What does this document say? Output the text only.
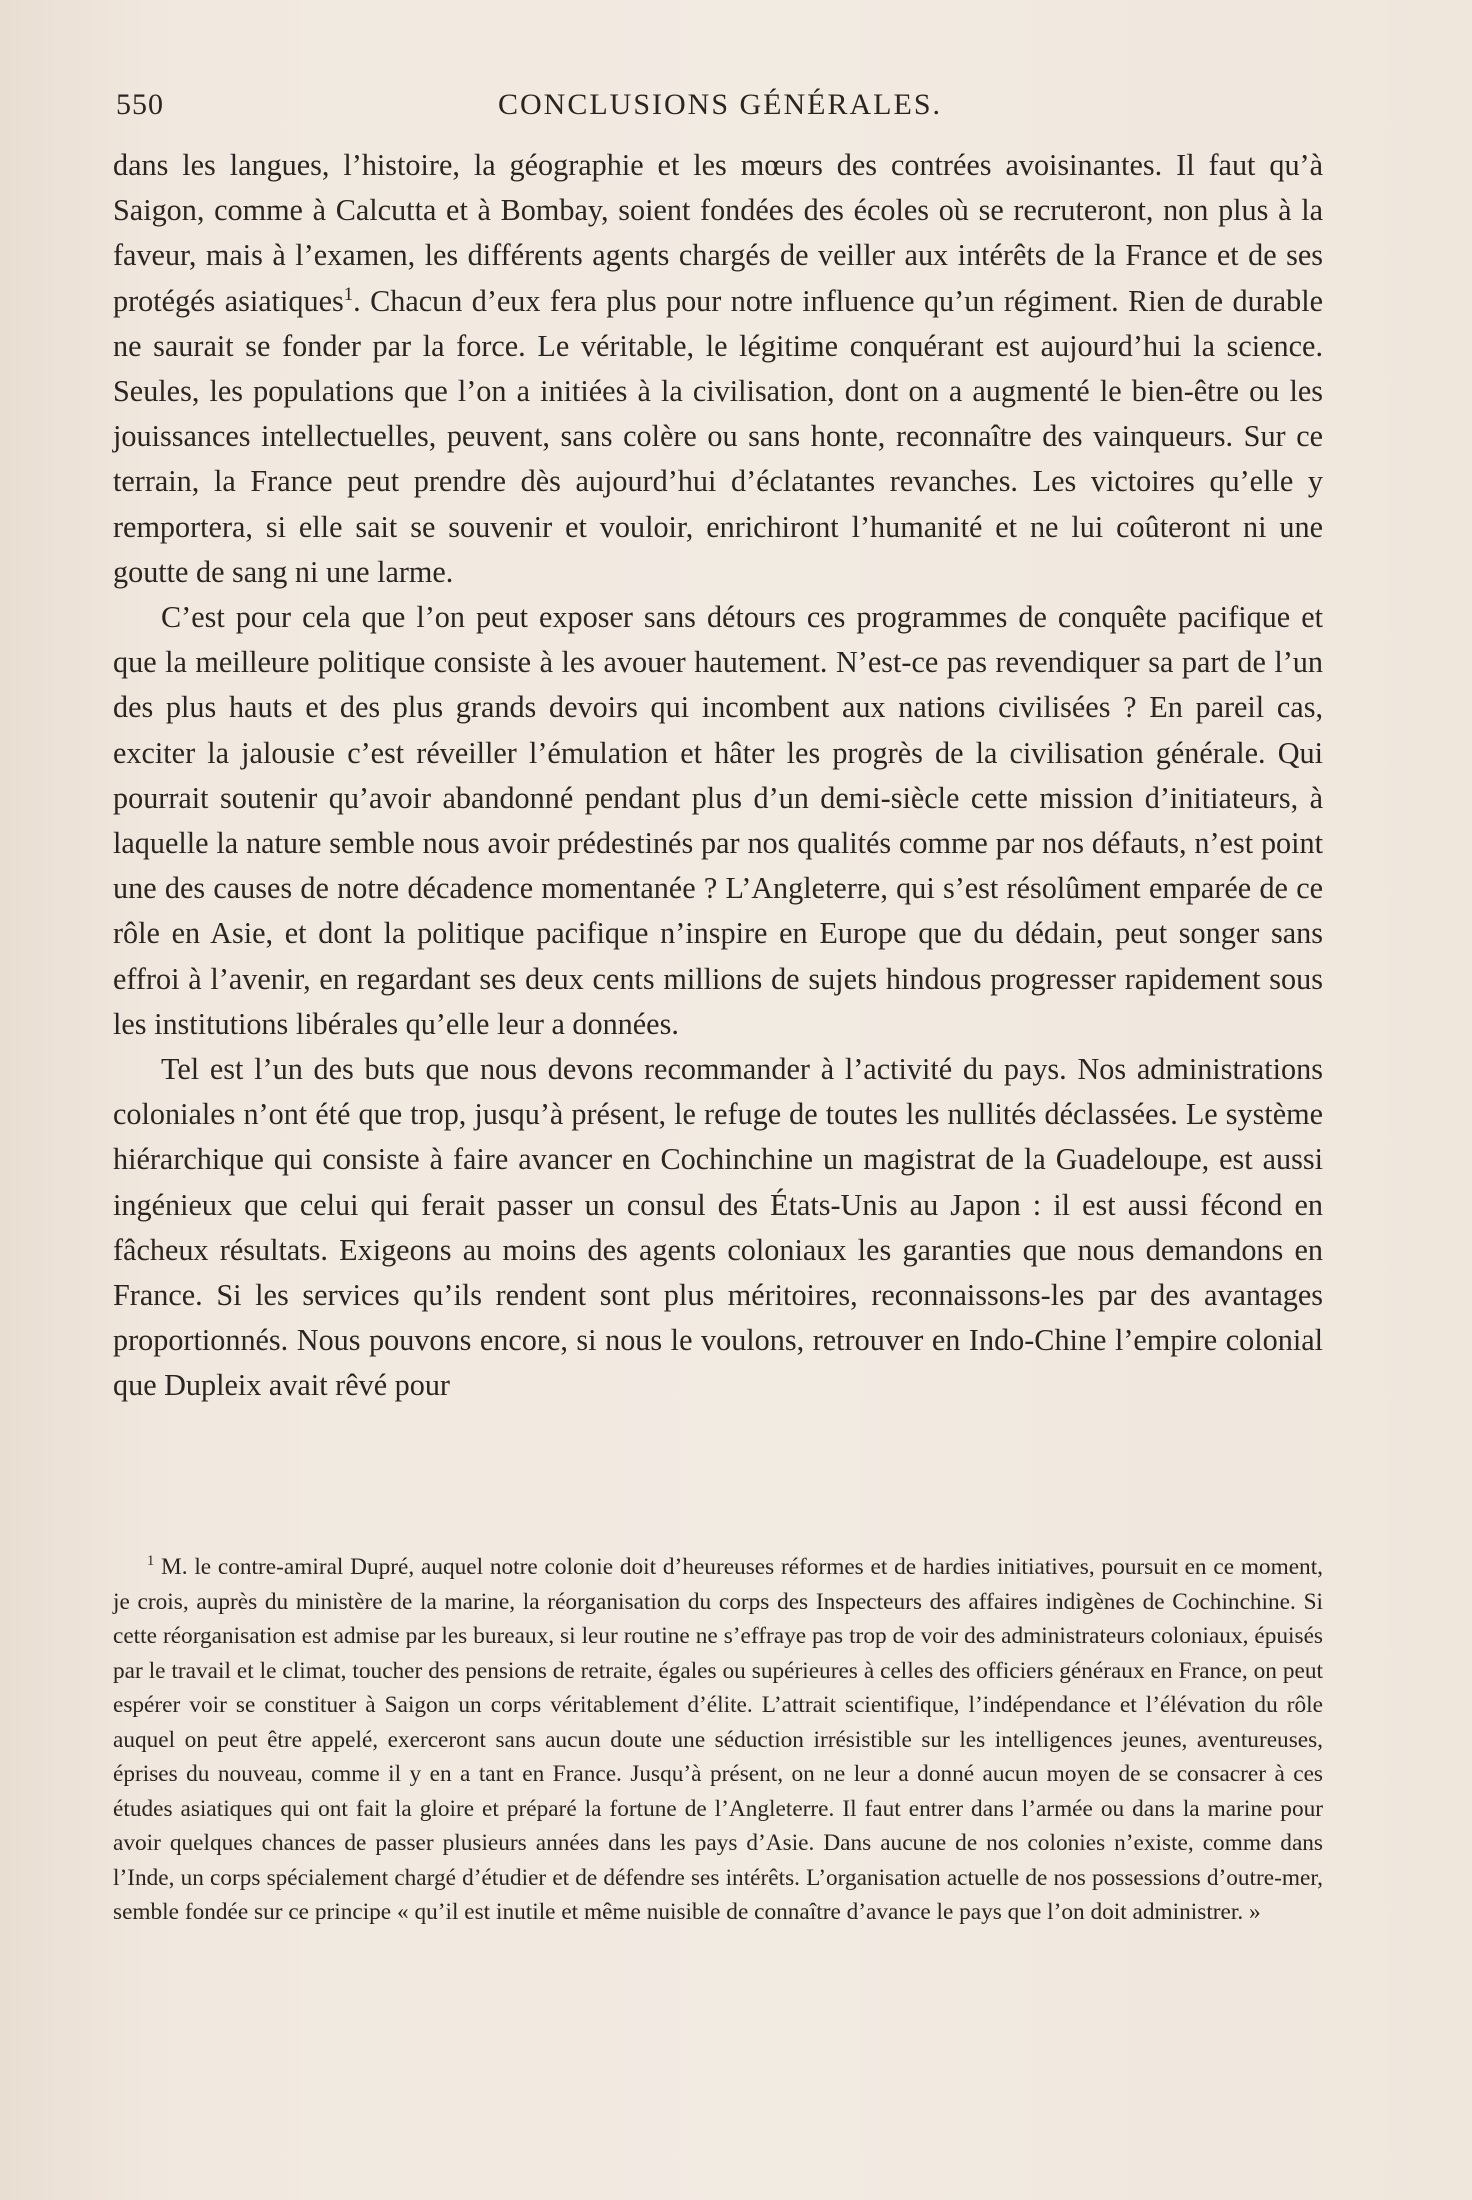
550	CONCLUSIONS GÉNÉRALES.

dans les langues, l’histoire, la géographie et les mœurs des contrées avoisinantes. Il faut qu’à Saigon, comme à Calcutta et à Bombay, soient fondées des écoles où se recruteront, non plus à la faveur, mais à l’examen, les différents agents chargés de veiller aux intérêts de la France et de ses protégés asiatiques$^1$. Chacun d’eux fera plus pour notre influence qu’un régiment. Rien de durable ne saurait se fonder par la force. Le véritable, le légitime conquérant est aujourd’hui la science. Seules, les populations que l’on a initiées à la civilisation, dont on a augmenté le bien-être ou les jouissances intellectuelles, peuvent, sans colère ou sans honte, reconnaître des vainqueurs. Sur ce terrain, la France peut prendre dès aujourd’hui d’éclatantes revanches. Les victoires qu’elle y remportera, si elle sait se souvenir et vouloir, enrichiront l’humanité et ne lui coûteront ni une goutte de sang ni une larme.

C’est pour cela que l’on peut exposer sans détours ces programmes de conquête pacifique et que la meilleure politique consiste à les avouer hautement. N’est-ce pas revendiquer sa part de l’un des plus hauts et des plus grands devoirs qui incombent aux nations civilisées ? En pareil cas, exciter la jalousie c’est réveiller l’émulation et hâter les progrès de la civilisation générale. Qui pourrait soutenir qu’avoir abandonné pendant plus d’un demi-siècle cette mission d’initiateurs, à laquelle la nature semble nous avoir prédestinés par nos qualités comme par nos défauts, n’est point une des causes de notre décadence momentanée ? L’Angleterre, qui s’est résolûment emparée de ce rôle en Asie, et dont la politique pacifique n’inspire en Europe que du dédain, peut songer sans effroi à l’avenir, en regardant ses deux cents millions de sujets hindous progresser rapidement sous les institutions libérales qu’elle leur a données.

Tel est l’un des buts que nous devons recommander à l’activité du pays. Nos administrations coloniales n’ont été que trop, jusqu’à présent, le refuge de toutes les nullités déclassées. Le système hiérarchique qui consiste à faire avancer en Cochinchine un magistrat de la Guadeloupe, est aussi ingénieux que celui qui ferait passer un consul des États-Unis au Japon : il est aussi fécond en fâcheux résultats. Exigeons au moins des agents coloniaux les garanties que nous demandons en France. Si les services qu’ils rendent sont plus méritoires, reconnaissons-les par des avantages proportionnés. Nous pouvons encore, si nous le voulons, retrouver en Indo-Chine l’empire colonial que Dupleix avait rêvé pour

$^1$ M. le contre-amiral Dupré, auquel notre colonie doit d’heureuses réformes et de hardies initiatives, poursuit en ce moment, je crois, auprès du ministère de la marine, la réorganisation du corps des Inspecteurs des affaires indigènes de Cochinchine. Si cette réorganisation est admise par les bureaux, si leur routine ne s’effraye pas trop de voir des administrateurs coloniaux, épuisés par le travail et le climat, toucher des pensions de retraite, égales ou supérieures à celles des officiers généraux en France, on peut espérer voir se constituer à Saigon un corps véritablement d’élite. L’attrait scientifique, l’indépendance et l’élévation du rôle auquel on peut être appelé, exerceront sans aucun doute une séduction irrésistible sur les intelligences jeunes, aventureuses, éprises du nouveau, comme il y en a tant en France. Jusqu’à présent, on ne leur a donné aucun moyen de se consacrer à ces études asiatiques qui ont fait la gloire et préparé la fortune de l’Angleterre. Il faut entrer dans l’armée ou dans la marine pour avoir quelques chances de passer plusieurs années dans les pays d’Asie. Dans aucune de nos colonies n’existe, comme dans l’Inde, un corps spécialement chargé d’étudier et de défendre ses intérêts. L’organisation actuelle de nos possessions d’outre-mer, semble fondée sur ce principe « qu’il est inutile et même nuisible de connaître d’avance le pays que l’on doit administrer. »
